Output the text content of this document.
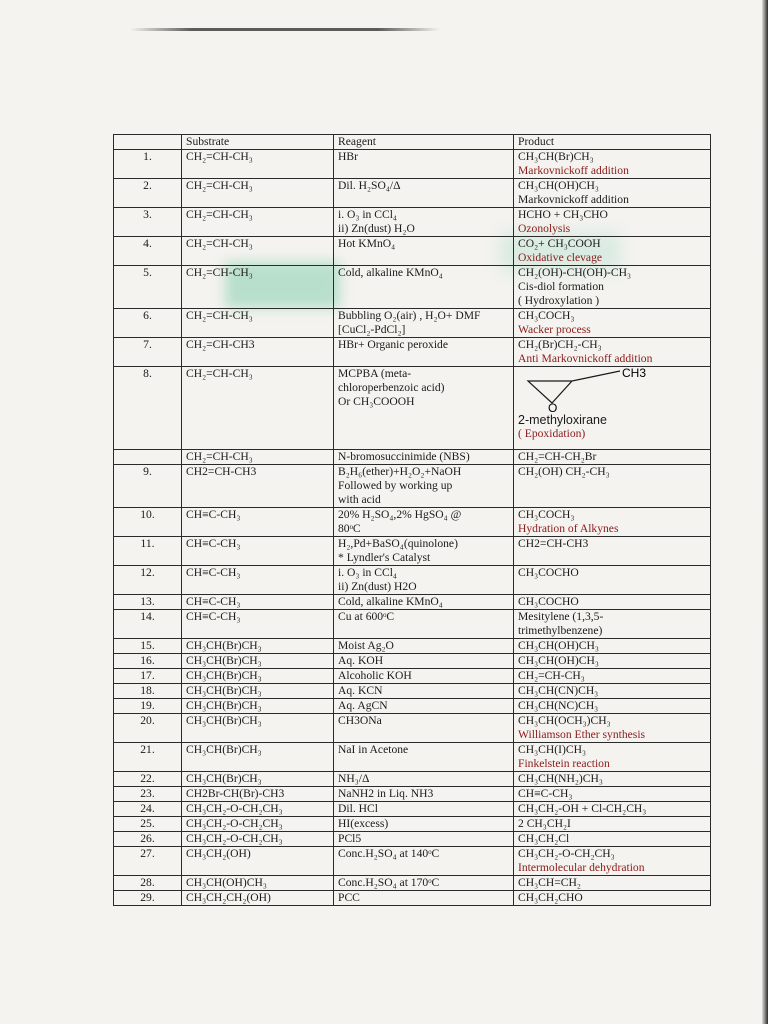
	Substrate	Reagent	Product
1.	CH₂=CH-CH₃	HBr	CH₃CH(Br)CH₃
Markovnickoff addition
2.	CH₂=CH-CH₃	Dil. H₂SO₄/Δ	CH₃CH(OH)CH₃
Markovnickoff addition
3.	CH₂=CH-CH₃	i. O₃ in CCl₄
ii) Zn(dust) H₂O	HCHO + CH₃CHO
Ozonolysis
4.	CH₂=CH-CH₃	Hot KMnO₄	CO₂+ CH₃COOH
Oxidative clevage
5.	CH₂=CH-CH₃	Cold, alkaline KMnO₄	CH₂(OH)-CH(OH)-CH₃
Cis-diol formation
( Hydroxylation )
6.	CH₂=CH-CH₃	Bubbling O₂(air) , H₂O+ DMF
[CuCl₂-PdCl₂]	CH₃COCH₃
Wacker process
7.	CH₂=CH-CH3	HBr+ Organic peroxide	CH₂(Br)CH₂-CH₃
Anti Markovnickoff addition
8.	CH₂=CH-CH₃	MCPBA (meta-
chloroperbenzoic acid)
Or CH₃COOOH	CH3
O
2-methyloxirane
( Epoxidation)

	CH₂=CH-CH₃	N-bromosuccinimide (NBS)	CH₂=CH-CH₂Br
9.	CH2=CH-CH3	B₂H₆(ether)+H₂O₂+NaOH
Followed by working up
with acid	CH₂(OH) CH₂-CH₃
10.	CH≡C-CH₃	20% H₂SO₄,2% HgSO₄ @
80ᵒC	CH₃COCH₃
Hydration of Alkynes
11.	CH≡C-CH₃	H₂,Pd+BaSO₄(quinolone)
* Lyndler's Catalyst	CH2=CH-CH3
12.	CH≡C-CH₃	i. O₃ in CCl₄
ii) Zn(dust) H2O	CH₃COCHO
13.	CH≡C-CH₃	Cold, alkaline KMnO₄	CH₃COCHO
14.	CH≡C-CH₃	Cu at 600ᵒC	Mesitylene (1,3,5-
trimethylbenzene)
15.	CH₃CH(Br)CH₃	Moist Ag₂O	CH₃CH(OH)CH₃
16.	CH₃CH(Br)CH₃	Aq. KOH	CH₃CH(OH)CH₃
17.	CH₃CH(Br)CH₃	Alcoholic KOH	CH₂=CH-CH₃
18.	CH₃CH(Br)CH₃	Aq. KCN	CH₃CH(CN)CH₃
19.	CH₃CH(Br)CH₃	Aq. AgCN	CH₃CH(NC)CH₃
20.	CH₃CH(Br)CH₃	CH3ONa	CH₃CH(OCH₃)CH₃
Williamson Ether synthesis
21.	CH₃CH(Br)CH₃	NaI in Acetone	CH₃CH(I)CH₃
Finkelstein reaction
22.	CH₃CH(Br)CH₃	NH₃/Δ	CH₃CH(NH₂)CH₃
23.	CH2Br-CH(Br)-CH3	NaNH2 in Liq. NH3	CH≡C-CH₃
24.	CH₃CH₂-O-CH₂CH₃	Dil. HCl	CH₃CH₂-OH + Cl-CH₂CH₃
25.	CH₃CH₂-O-CH₂CH₃	HI(excess)	2 CH₃CH₂I
26.	CH₃CH₂-O-CH₂CH₃	PCl5	CH₃CH₂Cl
27.	CH₃CH₂(OH)	Conc.H₂SO₄ at 140ᵒC	CH₃CH₂-O-CH₂CH₃
Intermolecular dehydration
28.	CH₃CH(OH)CH₃	Conc.H₂SO₄ at 170ᵒC	CH₃CH=CH₂
29.	CH₃CH₂CH₂(OH)	PCC	CH₃CH₂CHO
